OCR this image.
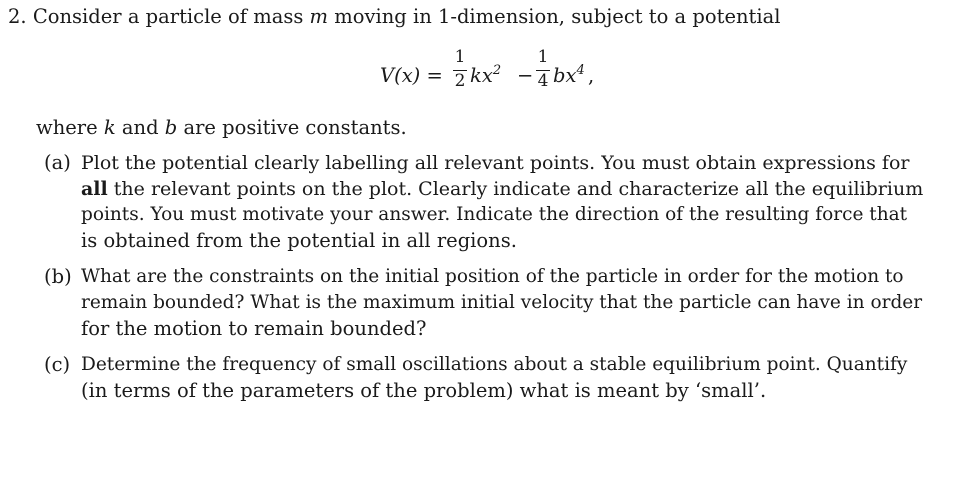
2. Consider a particle of mass m moving in 1-dimension, subject to a potential
V(x) =
1
2 $kx^2$ −
1
4 $bx^4$ ,
where k and b are positive constants.
(a) Plot the potential clearly labelling all relevant points. You must obtain expressions for
all the relevant points on the plot. Clearly indicate and characterize all the equilibrium
points. You must motivate your answer. Indicate the direction of the resulting force that
is obtained from the potential in all regions.
(b) What are the constraints on the initial position of the particle in order for the motion to
remain bounded? What is the maximum initial velocity that the particle can have in order
for the motion to remain bounded?
(c) Determine the frequency of small oscillations about a stable equilibrium point. Quantify
(in terms of the parameters of the problem) what is meant by ‘small’.
